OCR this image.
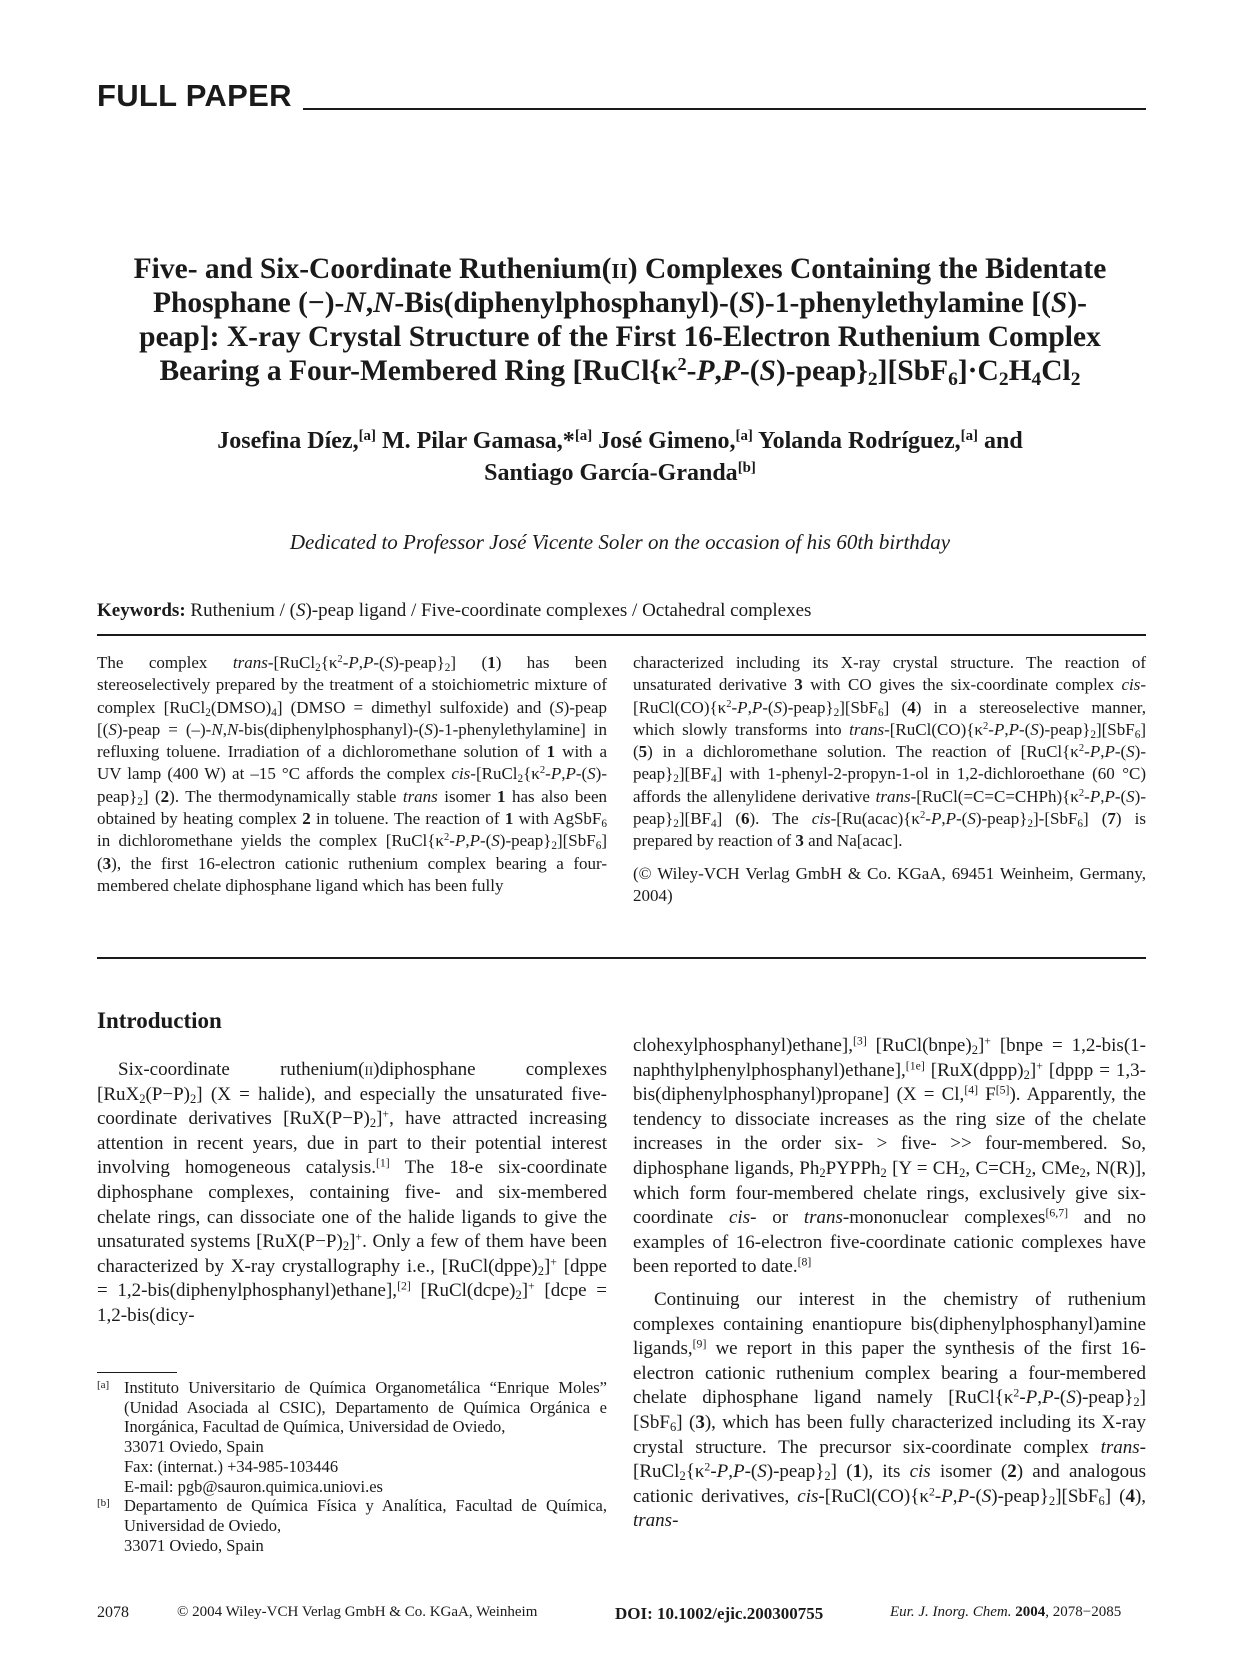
FULL PAPER
Five- and Six-Coordinate Ruthenium(ii) Complexes Containing the Bidentate
Phosphane (−)-N,N-Bis(diphenylphosphanyl)-(S)-1-phenylethylamine [(S)-
peap]: X-ray Crystal Structure of the First 16-Electron Ruthenium Complex
Bearing a Four-Membered Ring $[RuCl\{\kappa^2-P,P-(S)-peap\}_2][SbF_6]\cdot C_2H_4Cl_2$
Josefina Díez,[a] M. Pilar Gamasa,*[a] José Gimeno,[a] Yolanda Rodríguez,[a] and
Santiago García-Granda[b]
Dedicated to Professor José Vicente Soler on the occasion of his 60th birthday
Keywords: Ruthenium / (S)-peap ligand / Five-coordinate complexes / Octahedral complexes

The complex trans-$[RuCl_2\{\kappa^2-P,P-(S)-peap\}_2]$ (1) has been stereoselectively prepared by the treatment of a stoichiometric mixture of complex $[RuCl_2(DMSO)_4]$ (DMSO = dimethyl sulfoxide) and (S)-peap [(S)-peap = (–)-N,N-bis(diphenylphosphanyl)-(S)-1-phenylethylamine] in refluxing toluene. Irradiation of a dichloromethane solution of 1 with a UV lamp (400 W) at –15 °C affords the complex cis-$[RuCl_2\{\kappa^2-P,P-(S)-peap\}_2]$ (2). The thermodynamically stable trans isomer 1 has also been obtained by heating complex 2 in toluene. The reaction of 1 with AgSbF$_6$ in dichloromethane yields the complex $[RuCl\{\kappa^2-P,P-(S)-peap\}_2][SbF_6]$ (3), the first 16-electron cationic ruthenium complex bearing a four-membered chelate diphosphane ligand which has been fully

characterized including its X-ray crystal structure. The reaction of unsaturated derivative 3 with CO gives the six-coordinate complex cis-$[RuCl(CO)\{\kappa^2-P,P-(S)-peap\}_2][SbF_6]$ (4) in a stereoselective manner, which slowly transforms into trans-$[RuCl(CO)\{\kappa^2-P,P-(S)-peap\}_2][SbF_6]$ (5) in a dichloromethane solution. The reaction of $[RuCl\{\kappa^2-P,P-(S)-peap\}_2][BF_4]$ with 1-phenyl-2-propyn-1-ol in 1,2-dichloroethane (60 °C) affords the allenylidene derivative trans-$[RuCl(=C=C=CHPh)\{\kappa^2-P,P-(S)-peap\}_2][BF_4]$ (6). The cis-$[Ru(acac)\{\kappa^2-P,P-(S)-peap\}_2]-[SbF_6]$ (7) is prepared by reaction of 3 and Na[acac].

(© Wiley-VCH Verlag GmbH & Co. KGaA, 69451 Weinheim, Germany, 2004)

Introduction

Six-coordinate ruthenium(ii)diphosphane complexes $[RuX_2(P-P)_2] (X$ = halide), and especially the unsaturated five-coordinate derivatives $[RuX(P-P)_2]^+$, have attracted increasing attention in recent years, due in part to their potential interest involving homogeneous catalysis.[1] The 18-e six-coordinate diphosphane complexes, containing five- and six-membered chelate rings, can dissociate one of the halide ligands to give the unsaturated systems $[RuX(P-P)_2]^+$. Only a few of them have been characterized by X-ray crystallography i.e., $[RuCl(dppe)_2]^+$ [dppe = 1,2-bis(diphenylphosphanyl)ethane],[2] $[RuCl(dcpe)_2]^+$ [dcpe = 1,2-bis(dicy-

clohexylphosphanyl)ethane],[3] $[RuCl(bnpe)_2]^+$ [bnpe = 1,2-bis(1-naphthylphenylphosphanyl)ethane],[1e] $[RuX(dppp)_2]^+$ [dppp = 1,3-bis(diphenylphosphanyl)propane] (X = Cl,[4] F[5]). Apparently, the tendency to dissociate increases as the ring size of the chelate increases in the order six- > five- >> four-membered. So, diphosphane ligands, $Ph_2PYPPh_2$ [$Y = CH_2$, $C=CH_2$, CMe$_2$, N(R)], which form four-membered chelate rings, exclusively give six-coordinate cis- or trans-mononuclear complexes[6,7] and no examples of 16-electron five-coordinate cationic complexes have been reported to date.[8]

Continuing our interest in the chemistry of ruthenium complexes containing enantiopure bis(diphenylphosphanyl)amine ligands,[9] we report in this paper the synthesis of the first 16-electron cationic ruthenium complex bearing a four-membered chelate diphosphane ligand namely $[RuCl\{\kappa^2-P,P-(S)-peap\}_2][SbF_6]$ (3), which has been fully characterized including its X-ray crystal structure. The precursor six-coordinate complex trans-$[RuCl_2\{\kappa^2-P,P-(S)-peap\}_2]$ (1), its cis isomer (2) and analogous cationic derivatives, cis-$[RuCl(CO)\{\kappa^2-P,P-(S)-peap\}_2][SbF_6]$ (4), trans-

[a] Instituto Universitario de Química Organometálica “Enrique Moles” (Unidad Asociada al CSIC), Departamento de Química Orgánica e Inorgánica, Facultad de Química, Universidad de Oviedo,
33071 Oviedo, Spain
Fax: (internat.) +34-985-103446
E-mail: pgb@sauron.quimica.uniovi.es
[b] Departamento de Química Física y Analítica, Facultad de Química, Universidad de Oviedo,
33071 Oviedo, Spain
2078	© 2004 Wiley-VCH Verlag GmbH & Co. KGaA, Weinheim	DOI: 10.1002/ejic.200300755	Eur. J. Inorg. Chem. 2004, 2078−2085
